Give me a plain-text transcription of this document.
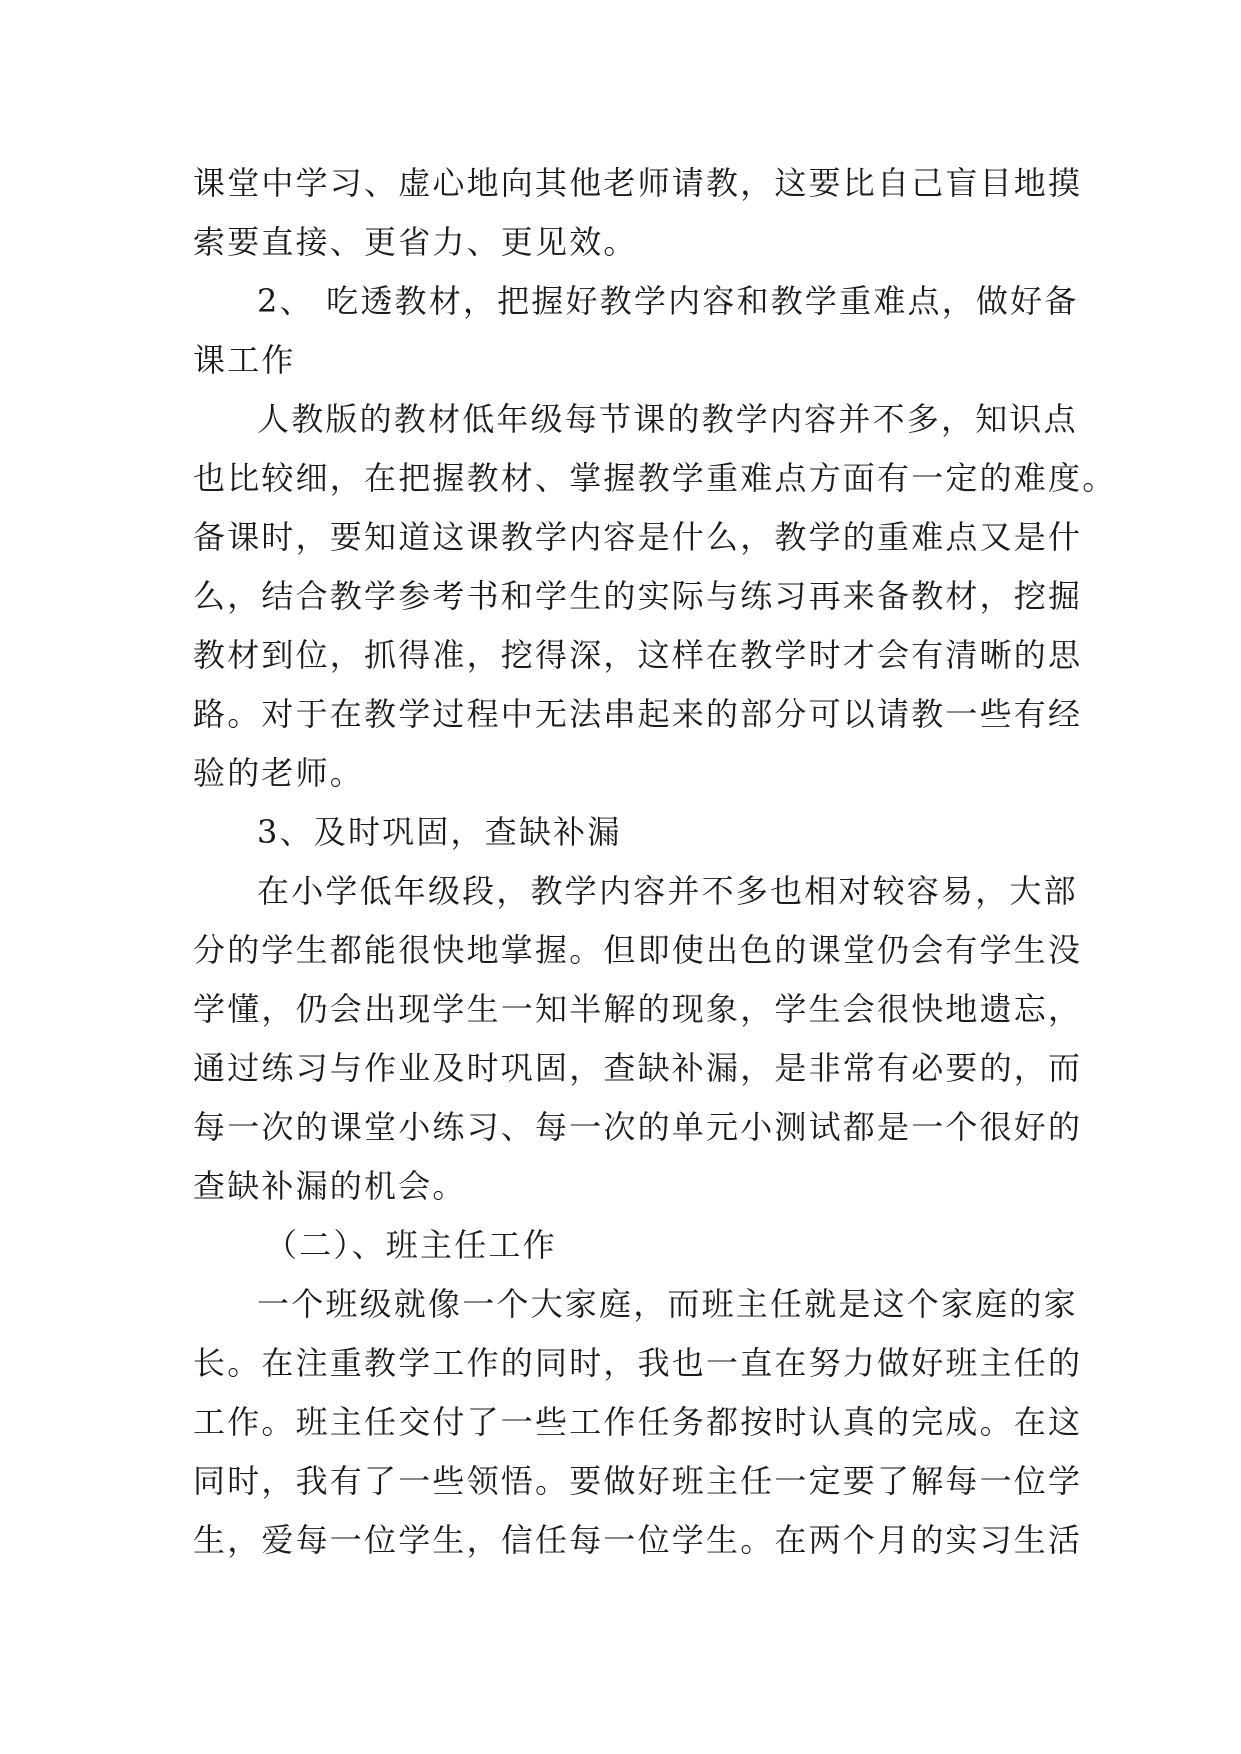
课堂中学习、虚心地向其他老师请教，这要比自己盲目地摸
索要直接、更省力、更见效。
2、 吃透教材，把握好教学内容和教学重难点，做好备
课工作
人教版的教材低年级每节课的教学内容并不多，知识点
也比较细，在把握教材、掌握教学重难点方面有一定的难度。
备课时，要知道这课教学内容是什么，教学的重难点又是什
么，结合教学参考书和学生的实际与练习再来备教材，挖掘
教材到位，抓得准，挖得深，这样在教学时才会有清晰的思
路。对于在教学过程中无法串起来的部分可以请教一些有经
验的老师。
3、及时巩固，查缺补漏
在小学低年级段，教学内容并不多也相对较容易，大部
分的学生都能很快地掌握。但即使出色的课堂仍会有学生没
学懂，仍会出现学生一知半解的现象，学生会很快地遗忘，
通过练习与作业及时巩固，查缺补漏，是非常有必要的，而
每一次的课堂小练习、每一次的单元小测试都是一个很好的
查缺补漏的机会。
（二）、班主任工作
一个班级就像一个大家庭，而班主任就是这个家庭的家
长。在注重教学工作的同时，我也一直在努力做好班主任的
工作。班主任交付了一些工作任务都按时认真的完成。在这
同时，我有了一些领悟。要做好班主任一定要了解每一位学
生，爱每一位学生，信任每一位学生。在两个月的实习生活
